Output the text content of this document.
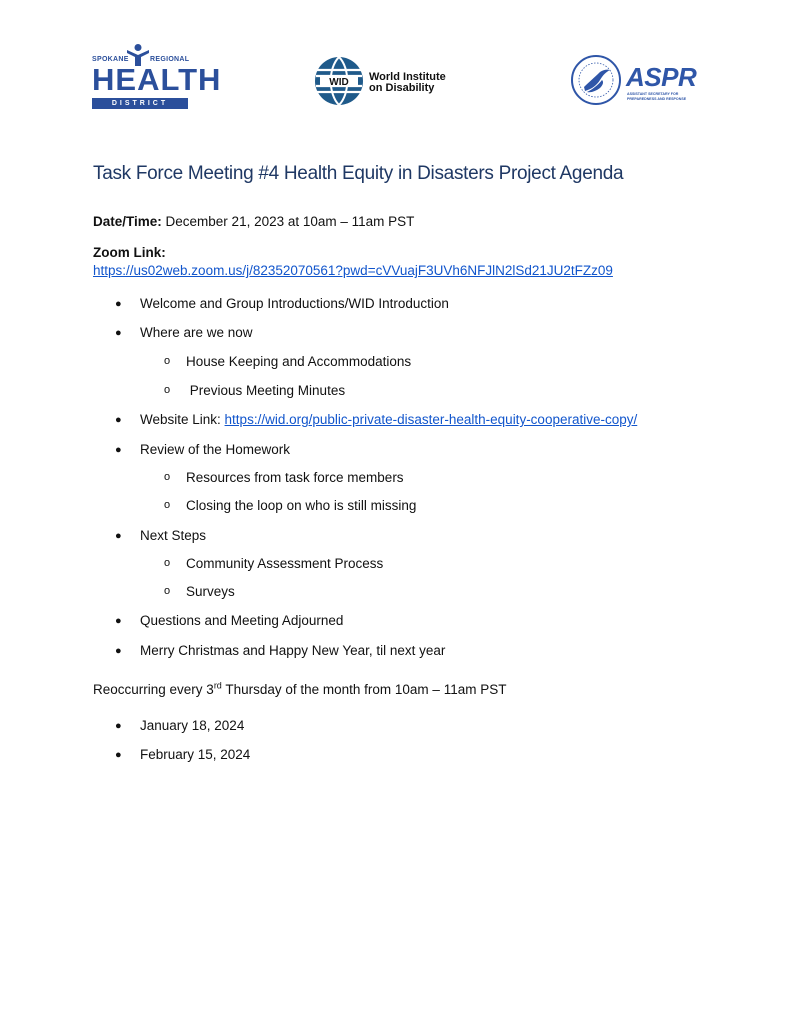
SPOKANE	REGIONAL
HEALTH
DISTRICT
WID World Institute
on Disability	ASPR
ASSISTANT SECRETARY FOR PREPAREDNESS AND RESPONSE
Task Force Meeting #4 Health Equity in Disasters Project Agenda
Date/Time: December 21, 2023 at 10am – 11am PST
Zoom Link:
https://us02web.zoom.us/j/82352070561?pwd=cVVuajF3UVh6NFJlN2lSd21JU2tFZz09
● Welcome and Group Introductions/WID Introduction
● Where are we now
o House Keeping and Accommodations
o Previous Meeting Minutes
● Website Link: https://wid.org/public-private-disaster-health-equity-cooperative-copy/
● Review of the Homework
o Resources from task force members
o Closing the loop on who is still missing
● Next Steps
o Community Assessment Process
o Surveys
● Questions and Meeting Adjourned
● Merry Christmas and Happy New Year, til next year
Reoccurring every 3rd Thursday of the month from 10am – 11am PST
● January 18, 2024
● February 15, 2024
